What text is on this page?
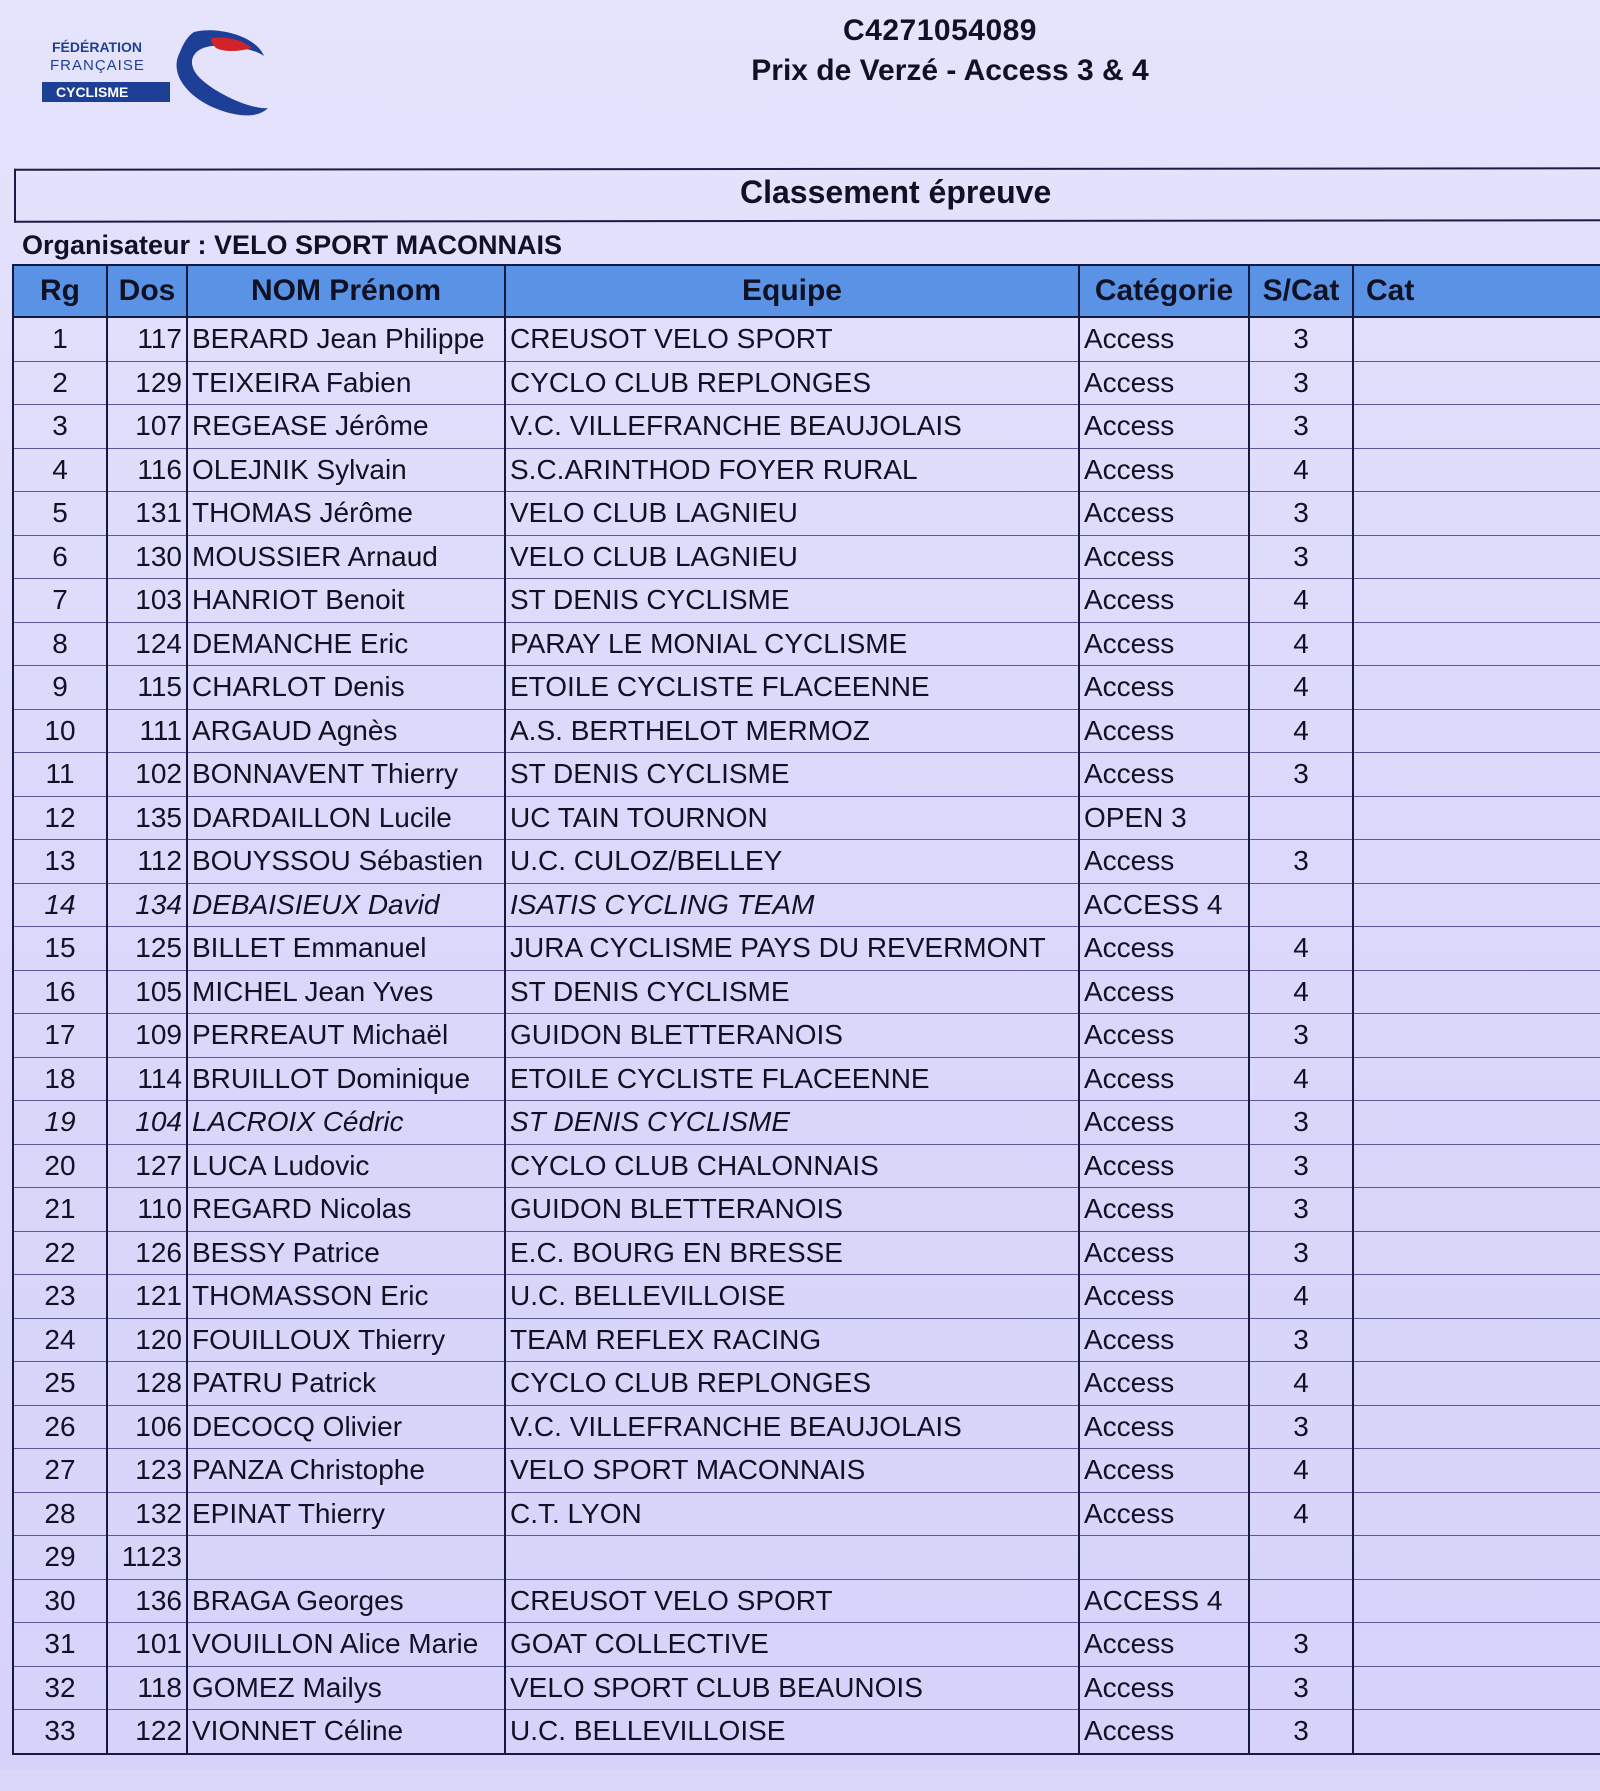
FÉDÉRATION
FRANÇAISE
CYCLISME
C4271054089
Prix de Verzé - Access 3 & 4
Classement épreuve
Organisateur : VELO SPORT MACONNAIS
Rg	Dos	NOM Prénom	Equipe	Catégorie	S/Cat	Cat
1	117	BERARD Jean Philippe	CREUSOT VELO SPORT	Access	3	
2	129	TEIXEIRA Fabien	CYCLO CLUB REPLONGES	Access	3	
3	107	REGEASE Jérôme	V.C. VILLEFRANCHE BEAUJOLAIS	Access	3	
4	116	OLEJNIK Sylvain	S.C.ARINTHOD FOYER RURAL	Access	4	
5	131	THOMAS Jérôme	VELO CLUB LAGNIEU	Access	3	
6	130	MOUSSIER Arnaud	VELO CLUB LAGNIEU	Access	3	
7	103	HANRIOT Benoit	ST DENIS CYCLISME	Access	4	
8	124	DEMANCHE Eric	PARAY LE MONIAL CYCLISME	Access	4	
9	115	CHARLOT Denis	ETOILE CYCLISTE FLACEENNE	Access	4	
10	111	ARGAUD Agnès	A.S. BERTHELOT MERMOZ	Access	4	
11	102	BONNAVENT Thierry	ST DENIS CYCLISME	Access	3	
12	135	DARDAILLON Lucile	UC TAIN TOURNON	OPEN 3		
13	112	BOUYSSOU Sébastien	U.C. CULOZ/BELLEY	Access	3	
14	134	DEBAISIEUX David	ISATIS CYCLING TEAM	ACCESS 4		
15	125	BILLET Emmanuel	JURA CYCLISME PAYS DU REVERMONT	Access	4	
16	105	MICHEL Jean Yves	ST DENIS CYCLISME	Access	4	
17	109	PERREAUT Michaël	GUIDON BLETTERANOIS	Access	3	
18	114	BRUILLOT Dominique	ETOILE CYCLISTE FLACEENNE	Access	4	
19	104	LACROIX Cédric	ST DENIS CYCLISME	Access	3	
20	127	LUCA Ludovic	CYCLO CLUB CHALONNAIS	Access	3	
21	110	REGARD Nicolas	GUIDON BLETTERANOIS	Access	3	
22	126	BESSY Patrice	E.C. BOURG EN BRESSE	Access	3	
23	121	THOMASSON Eric	U.C. BELLEVILLOISE	Access	4	
24	120	FOUILLOUX Thierry	TEAM REFLEX RACING	Access	3	
25	128	PATRU Patrick	CYCLO CLUB REPLONGES	Access	4	
26	106	DECOCQ Olivier	V.C. VILLEFRANCHE BEAUJOLAIS	Access	3	
27	123	PANZA Christophe	VELO SPORT MACONNAIS	Access	4	
28	132	EPINAT Thierry	C.T. LYON	Access	4	
29	1123					
30	136	BRAGA Georges	CREUSOT VELO SPORT	ACCESS 4		
31	101	VOUILLON Alice Marie	GOAT COLLECTIVE	Access	3	
32	118	GOMEZ Mailys	VELO SPORT CLUB BEAUNOIS	Access	3	
33	122	VIONNET Céline	U.C. BELLEVILLOISE	Access	3	
